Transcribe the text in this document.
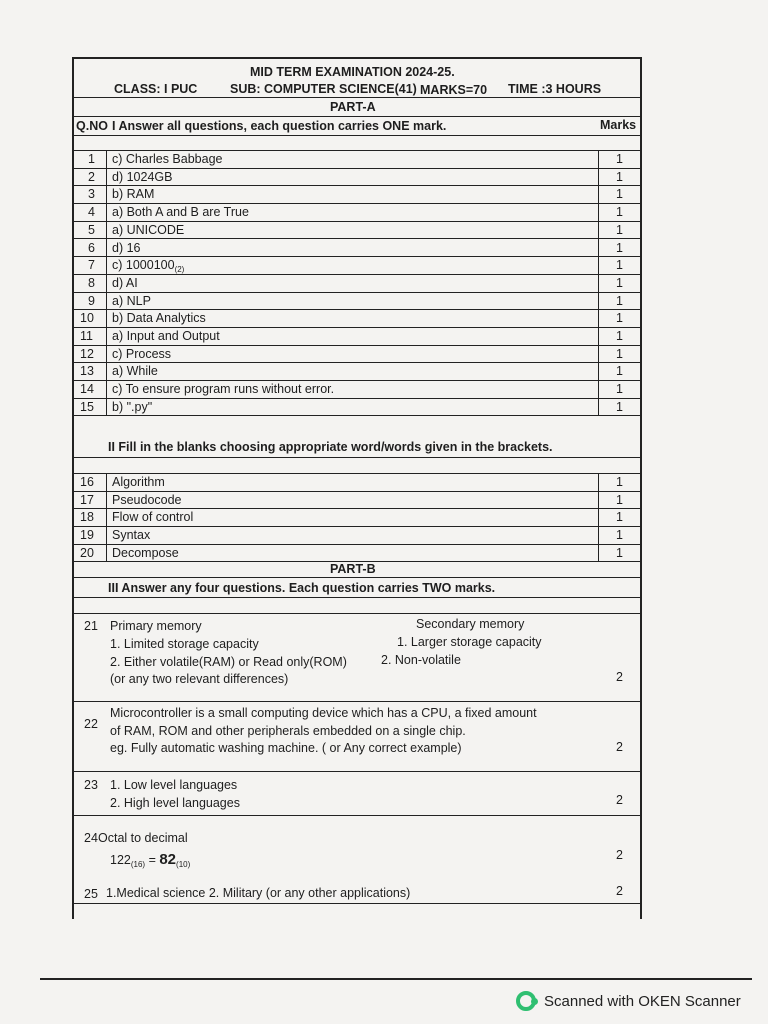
MID TERM EXAMINATION 2024-25.
CLASS: I PUC	SUB: COMPUTER SCIENCE(41) MARKS=70 TIME :3 HOURS
PART-A
Q.NO I Answer all questions, each question carries ONE mark.	Marks
1 c) Charles Babbage	1
2 d) 1024GB	1
3 b) RAM	1
4 a) Both A and B are True	1
5 a) UNICODE	1
6 d) 16	1
7 c) $1000100_{(2)}$	1
8 d) AI	1
9 a) NLP	1
10 b) Data Analytics	1
11 a) Input and Output	1
12 c) Process	1
13 a) While	1
14 c) To ensure program runs without error.	1
15 b) ".py"	1
II Fill in the blanks choosing appropriate word/words given in the brackets.
16 Algorithm	1
17 Pseudocode	1
18 Flow of control	1
19 Syntax	1
20 Decompose	1
PART-B
III Answer any four questions. Each question carries TWO marks.
21 Primary memory	Secondary memory
1. Limited storage capacity	1. Larger storage capacity
2. Either volatile(RAM) or Read only(ROM)	2. Non-volatile
(or any two relevant differences)	2
22
Microcontroller is a small computing device which has a CPU, a fixed amount
of RAM, ROM and other peripherals embedded on a single chip.
eg. Fully automatic washing machine. ( or Any correct example)	2
23 1. Low level languages
2. High level languages	2
24 Octal to decimal
$122_{(16)} = 82_{(10)}$
2
25 1.Medical science 2. Military (or any other applications)	2
Scanned with OKEN Scanner
